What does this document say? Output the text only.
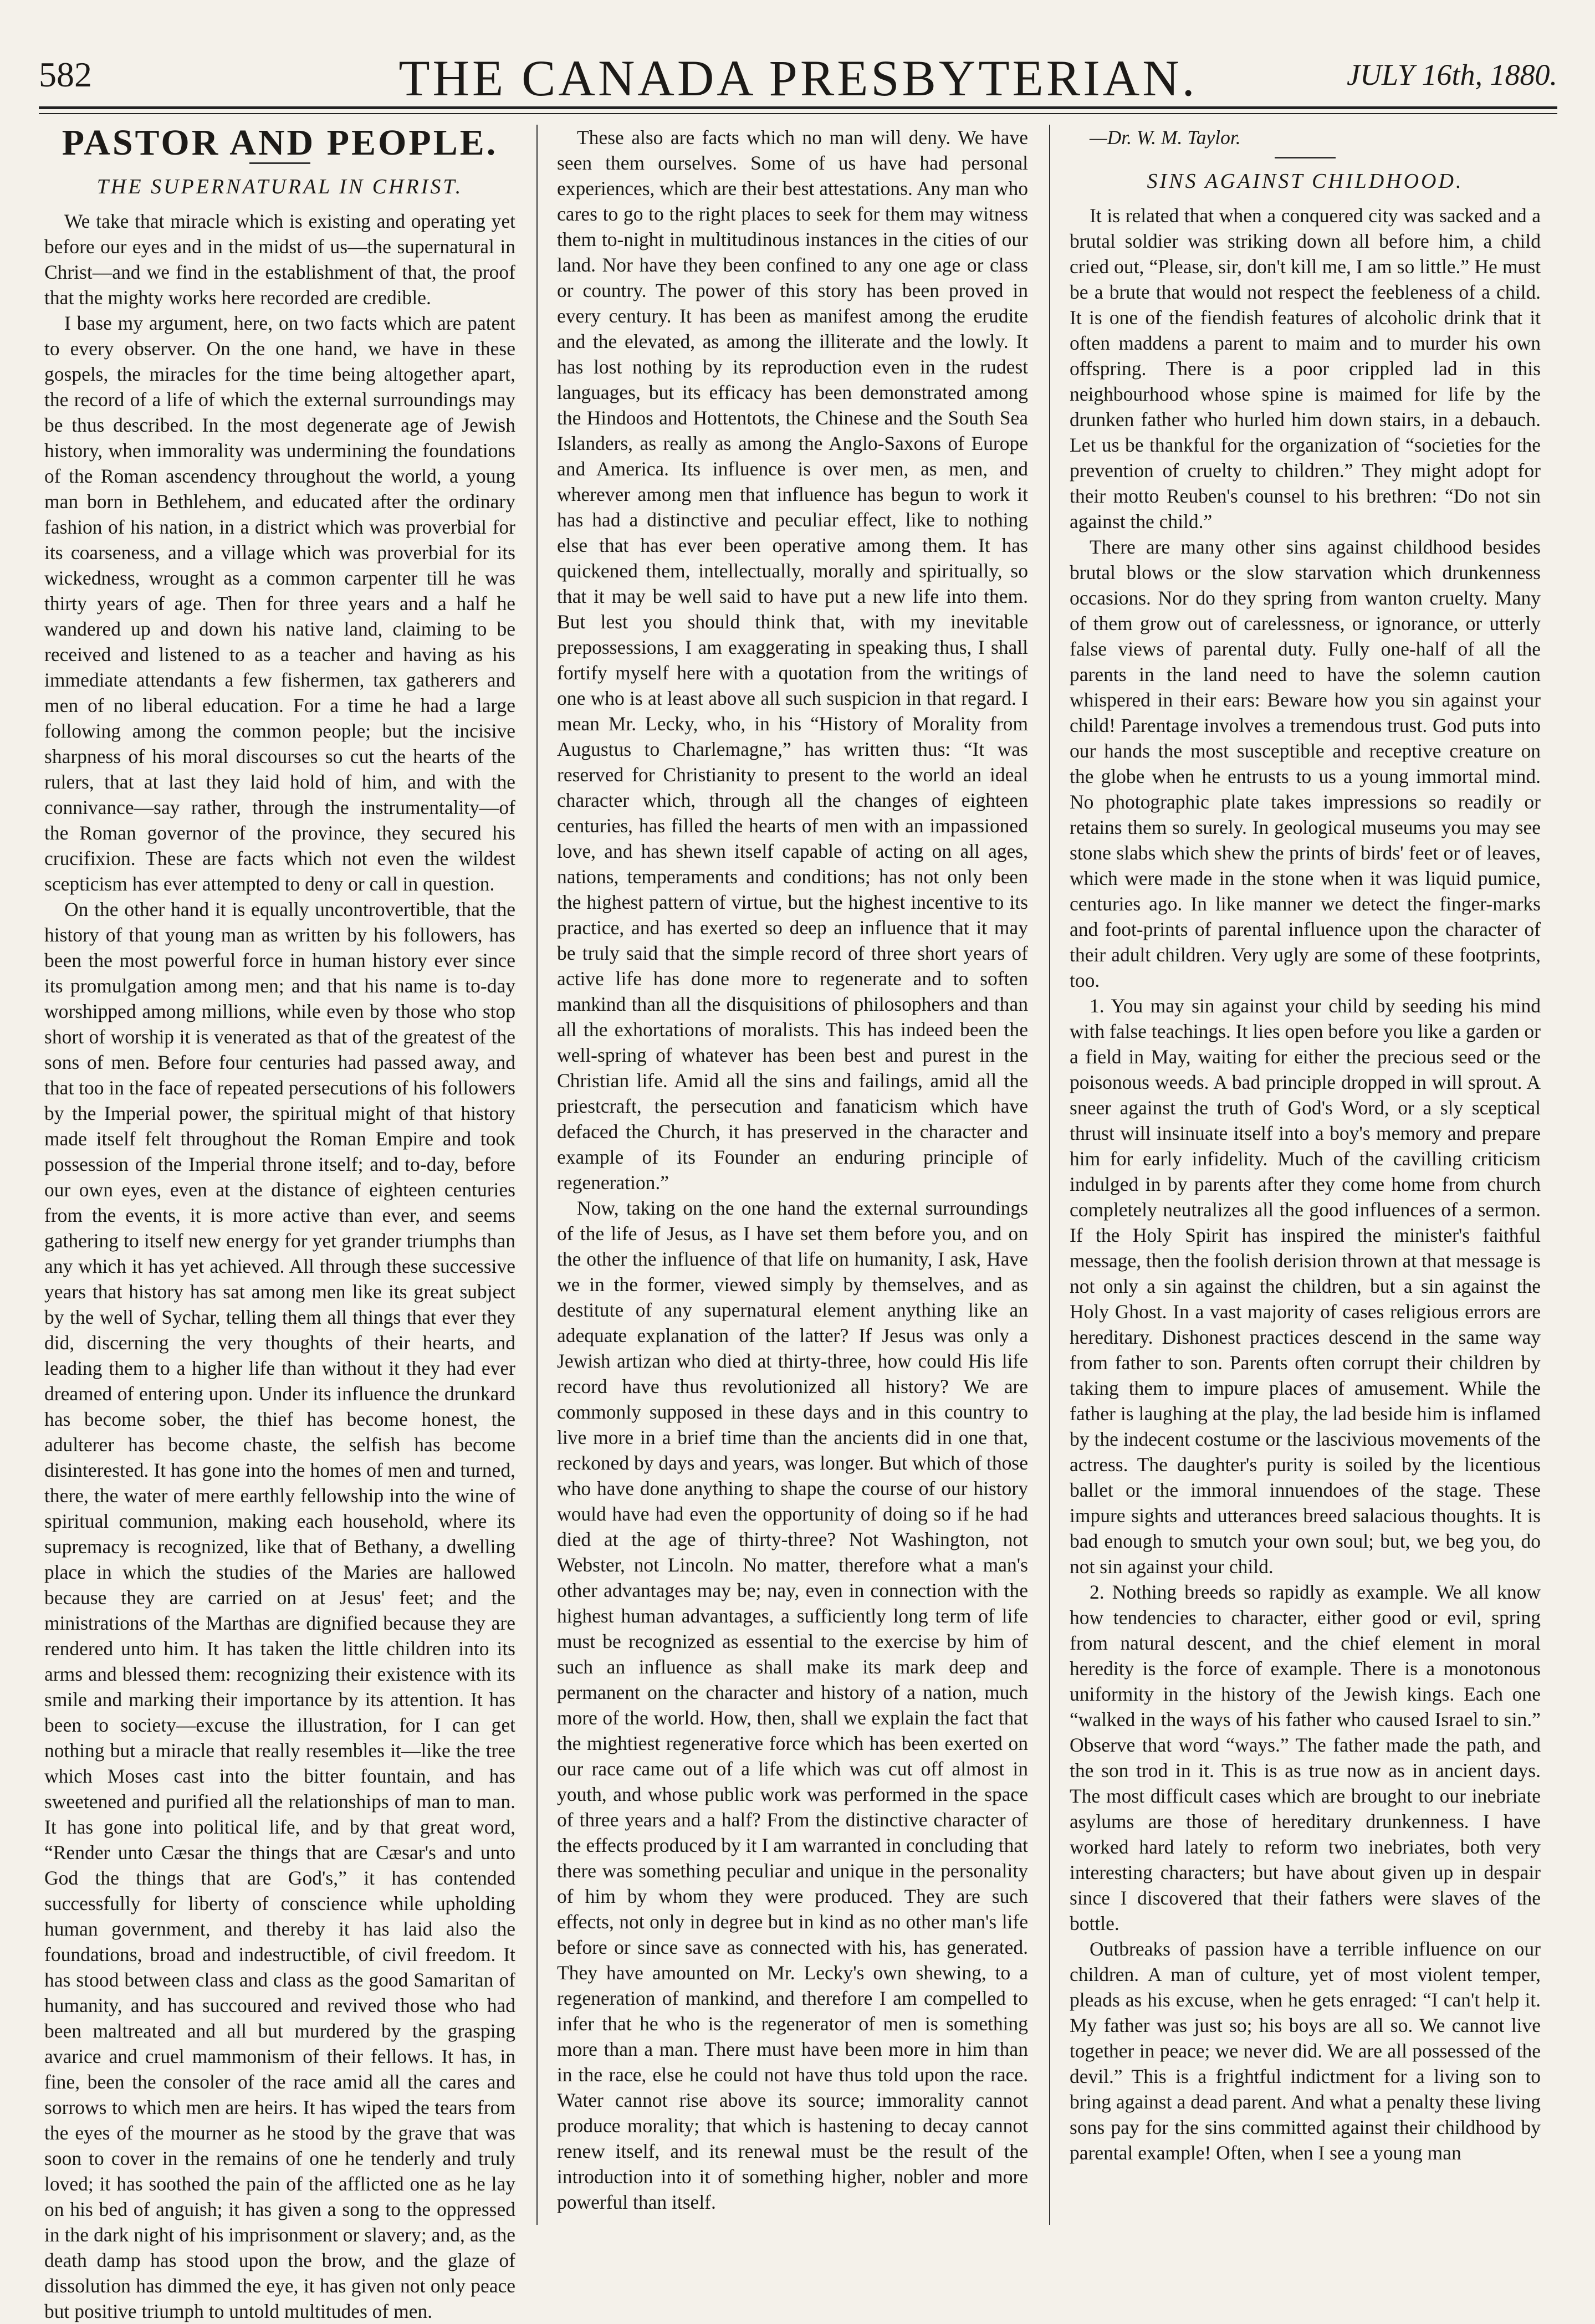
582	THE CANADA PRESBYTERIAN.	JULY 16th, 1880.
PASTOR AND PEOPLE.
THE SUPERNATURAL IN CHRIST.

We take that miracle which is existing and operating yet before our eyes and in the midst of us—the supernatural in Christ—and we find in the establishment of that, the proof that the mighty works here recorded are credible.

I base my argument, here, on two facts which are patent to every observer. On the one hand, we have in these gospels, the miracles for the time being altogether apart, the record of a life of which the external surroundings may be thus described. In the most degenerate age of Jewish history, when immorality was undermining the foundations of the Roman ascendency throughout the world, a young man born in Bethlehem, and educated after the ordinary fashion of his nation, in a district which was proverbial for its coarseness, and a village which was proverbial for its wickedness, wrought as a common carpenter till he was thirty years of age. Then for three years and a half he wandered up and down his native land, claiming to be received and listened to as a teacher and having as his immediate attendants a few fishermen, tax gatherers and men of no liberal education. For a time he had a large following among the common people; but the incisive sharpness of his moral discourses so cut the hearts of the rulers, that at last they laid hold of him, and with the connivance—say rather, through the instrumentality—of the Roman governor of the province, they secured his crucifixion. These are facts which not even the wildest scepticism has ever attempted to deny or call in question.

On the other hand it is equally uncontrovertible, that the history of that young man as written by his followers, has been the most powerful force in human history ever since its promulgation among men; and that his name is to-day worshipped among millions, while even by those who stop short of worship it is venerated as that of the greatest of the sons of men. Before four centuries had passed away, and that too in the face of repeated persecutions of his followers by the Imperial power, the spiritual might of that history made itself felt throughout the Roman Empire and took possession of the Imperial throne itself; and to-day, before our own eyes, even at the distance of eighteen centuries from the events, it is more active than ever, and seems gathering to itself new energy for yet grander triumphs than any which it has yet achieved. All through these successive years that history has sat among men like its great subject by the well of Sychar, telling them all things that ever they did, discerning the very thoughts of their hearts, and leading them to a higher life than without it they had ever dreamed of entering upon. Under its influence the drunkard has become sober, the thief has become honest, the adulterer has become chaste, the selfish has become disinterested. It has gone into the homes of men and turned, there, the water of mere earthly fellowship into the wine of spiritual communion, making each household, where its supremacy is recognized, like that of Bethany, a dwelling place in which the studies of the Maries are hallowed because they are carried on at Jesus' feet; and the ministrations of the Marthas are dignified because they are rendered unto him. It has taken the little children into its arms and blessed them: recognizing their existence with its smile and marking their importance by its attention. It has been to society—excuse the illustration, for I can get nothing but a miracle that really resembles it—like the tree which Moses cast into the bitter fountain, and has sweetened and purified all the relationships of man to man. It has gone into political life, and by that great word, “Render unto Cæsar the things that are Cæsar's and unto God the things that are God's,” it has contended successfully for liberty of conscience while upholding human government, and thereby it has laid also the foundations, broad and indestructible, of civil freedom. It has stood between class and class as the good Samaritan of humanity, and has succoured and revived those who had been maltreated and all but murdered by the grasping avarice and cruel mammonism of their fellows. It has, in fine, been the consoler of the race amid all the cares and sorrows to which men are heirs. It has wiped the tears from the eyes of the mourner as he stood by the grave that was soon to cover in the remains of one he tenderly and truly loved; it has soothed the pain of the afflicted one as he lay on his bed of anguish; it has given a song to the oppressed in the dark night of his imprisonment or slavery; and, as the death damp has stood upon the brow, and the glaze of dissolution has dimmed the eye, it has given not only peace but positive triumph to untold multitudes of men.

These also are facts which no man will deny. We have seen them ourselves. Some of us have had personal experiences, which are their best attestations. Any man who cares to go to the right places to seek for them may witness them to-night in multitudinous instances in the cities of our land. Nor have they been confined to any one age or class or country. The power of this story has been proved in every century. It has been as manifest among the erudite and the elevated, as among the illiterate and the lowly. It has lost nothing by its reproduction even in the rudest languages, but its efficacy has been demonstrated among the Hindoos and Hottentots, the Chinese and the South Sea Islanders, as really as among the Anglo-Saxons of Europe and America. Its influence is over men, as men, and wherever among men that influence has begun to work it has had a distinctive and peculiar effect, like to nothing else that has ever been operative among them. It has quickened them, intellectually, morally and spiritually, so that it may be well said to have put a new life into them. But lest you should think that, with my inevitable prepossessions, I am exaggerating in speaking thus, I shall fortify myself here with a quotation from the writings of one who is at least above all such suspicion in that regard. I mean Mr. Lecky, who, in his “History of Morality from Augustus to Charlemagne,” has written thus: “It was reserved for Christianity to present to the world an ideal character which, through all the changes of eighteen centuries, has filled the hearts of men with an impassioned love, and has shewn itself capable of acting on all ages, nations, temperaments and conditions; has not only been the highest pattern of virtue, but the highest incentive to its practice, and has exerted so deep an influence that it may be truly said that the simple record of three short years of active life has done more to regenerate and to soften mankind than all the disquisitions of philosophers and than all the exhortations of moralists. This has indeed been the well-spring of whatever has been best and purest in the Christian life. Amid all the sins and failings, amid all the priestcraft, the persecution and fanaticism which have defaced the Church, it has preserved in the character and example of its Founder an enduring principle of regeneration.”

Now, taking on the one hand the external surroundings of the life of Jesus, as I have set them before you, and on the other the influence of that life on humanity, I ask, Have we in the former, viewed simply by themselves, and as destitute of any supernatural element anything like an adequate explanation of the latter? If Jesus was only a Jewish artizan who died at thirty-three, how could His life record have thus revolutionized all history? We are commonly supposed in these days and in this country to live more in a brief time than the ancients did in one that, reckoned by days and years, was longer. But which of those who have done anything to shape the course of our history would have had even the opportunity of doing so if he had died at the age of thirty-three? Not Washington, not Webster, not Lincoln. No matter, therefore what a man's other advantages may be; nay, even in connection with the highest human advantages, a sufficiently long term of life must be recognized as essential to the exercise by him of such an influence as shall make its mark deep and permanent on the character and history of a nation, much more of the world. How, then, shall we explain the fact that the mightiest regenerative force which has been exerted on our race came out of a life which was cut off almost in youth, and whose public work was performed in the space of three years and a half? From the distinctive character of the effects produced by it I am warranted in concluding that there was something peculiar and unique in the personality of him by whom they were produced. They are such effects, not only in degree but in kind as no other man's life before or since save as connected with his, has generated. They have amounted on Mr. Lecky's own shewing, to a regeneration of mankind, and therefore I am compelled to infer that he who is the regenerator of men is something more than a man. There must have been more in him than in the race, else he could not have thus told upon the race. Water cannot rise above its source; immorality cannot produce morality; that which is hastening to decay cannot renew itself, and its renewal must be the result of the introduction into it of something higher, nobler and more powerful than itself.

—Dr. W. M. Taylor.

SINS AGAINST CHILDHOOD.

It is related that when a conquered city was sacked and a brutal soldier was striking down all before him, a child cried out, “Please, sir, don't kill me, I am so little.” He must be a brute that would not respect the feebleness of a child. It is one of the fiendish features of alcoholic drink that it often maddens a parent to maim and to murder his own offspring. There is a poor crippled lad in this neighbourhood whose spine is maimed for life by the drunken father who hurled him down stairs, in a debauch. Let us be thankful for the organization of “societies for the prevention of cruelty to children.” They might adopt for their motto Reuben's counsel to his brethren: “Do not sin against the child.”

There are many other sins against childhood besides brutal blows or the slow starvation which drunkenness occasions. Nor do they spring from wanton cruelty. Many of them grow out of carelessness, or ignorance, or utterly false views of parental duty. Fully one-half of all the parents in the land need to have the solemn caution whispered in their ears: Beware how you sin against your child! Parentage involves a tremendous trust. God puts into our hands the most susceptible and receptive creature on the globe when he entrusts to us a young immortal mind. No photographic plate takes impressions so readily or retains them so surely. In geological museums you may see stone slabs which shew the prints of birds' feet or of leaves, which were made in the stone when it was liquid pumice, centuries ago. In like manner we detect the finger-marks and foot-prints of parental influence upon the character of their adult children. Very ugly are some of these footprints, too.

1. You may sin against your child by seeding his mind with false teachings. It lies open before you like a garden or a field in May, waiting for either the precious seed or the poisonous weeds. A bad principle dropped in will sprout. A sneer against the truth of God's Word, or a sly sceptical thrust will insinuate itself into a boy's memory and prepare him for early infidelity. Much of the cavilling criticism indulged in by parents after they come home from church completely neutralizes all the good influences of a sermon. If the Holy Spirit has inspired the minister's faithful message, then the foolish derision thrown at that message is not only a sin against the children, but a sin against the Holy Ghost. In a vast majority of cases religious errors are hereditary. Dishonest practices descend in the same way from father to son. Parents often corrupt their children by taking them to impure places of amusement. While the father is laughing at the play, the lad beside him is inflamed by the indecent costume or the lascivious movements of the actress. The daughter's purity is soiled by the licentious ballet or the immoral innuendoes of the stage. These impure sights and utterances breed salacious thoughts. It is bad enough to smutch your own soul; but, we beg you, do not sin against your child.

2. Nothing breeds so rapidly as example. We all know how tendencies to character, either good or evil, spring from natural descent, and the chief element in moral heredity is the force of example. There is a monotonous uniformity in the history of the Jewish kings. Each one “walked in the ways of his father who caused Israel to sin.” Observe that word “ways.” The father made the path, and the son trod in it. This is as true now as in ancient days. The most difficult cases which are brought to our inebriate asylums are those of hereditary drunkenness. I have worked hard lately to reform two inebriates, both very interesting characters; but have about given up in despair since I discovered that their fathers were slaves of the bottle.

Outbreaks of passion have a terrible influence on our children. A man of culture, yet of most violent temper, pleads as his excuse, when he gets enraged: “I can't help it. My father was just so; his boys are all so. We cannot live together in peace; we never did. We are all possessed of the devil.” This is a frightful indictment for a living son to bring against a dead parent. And what a penalty these living sons pay for the sins committed against their childhood by parental example! Often, when I see a young man
